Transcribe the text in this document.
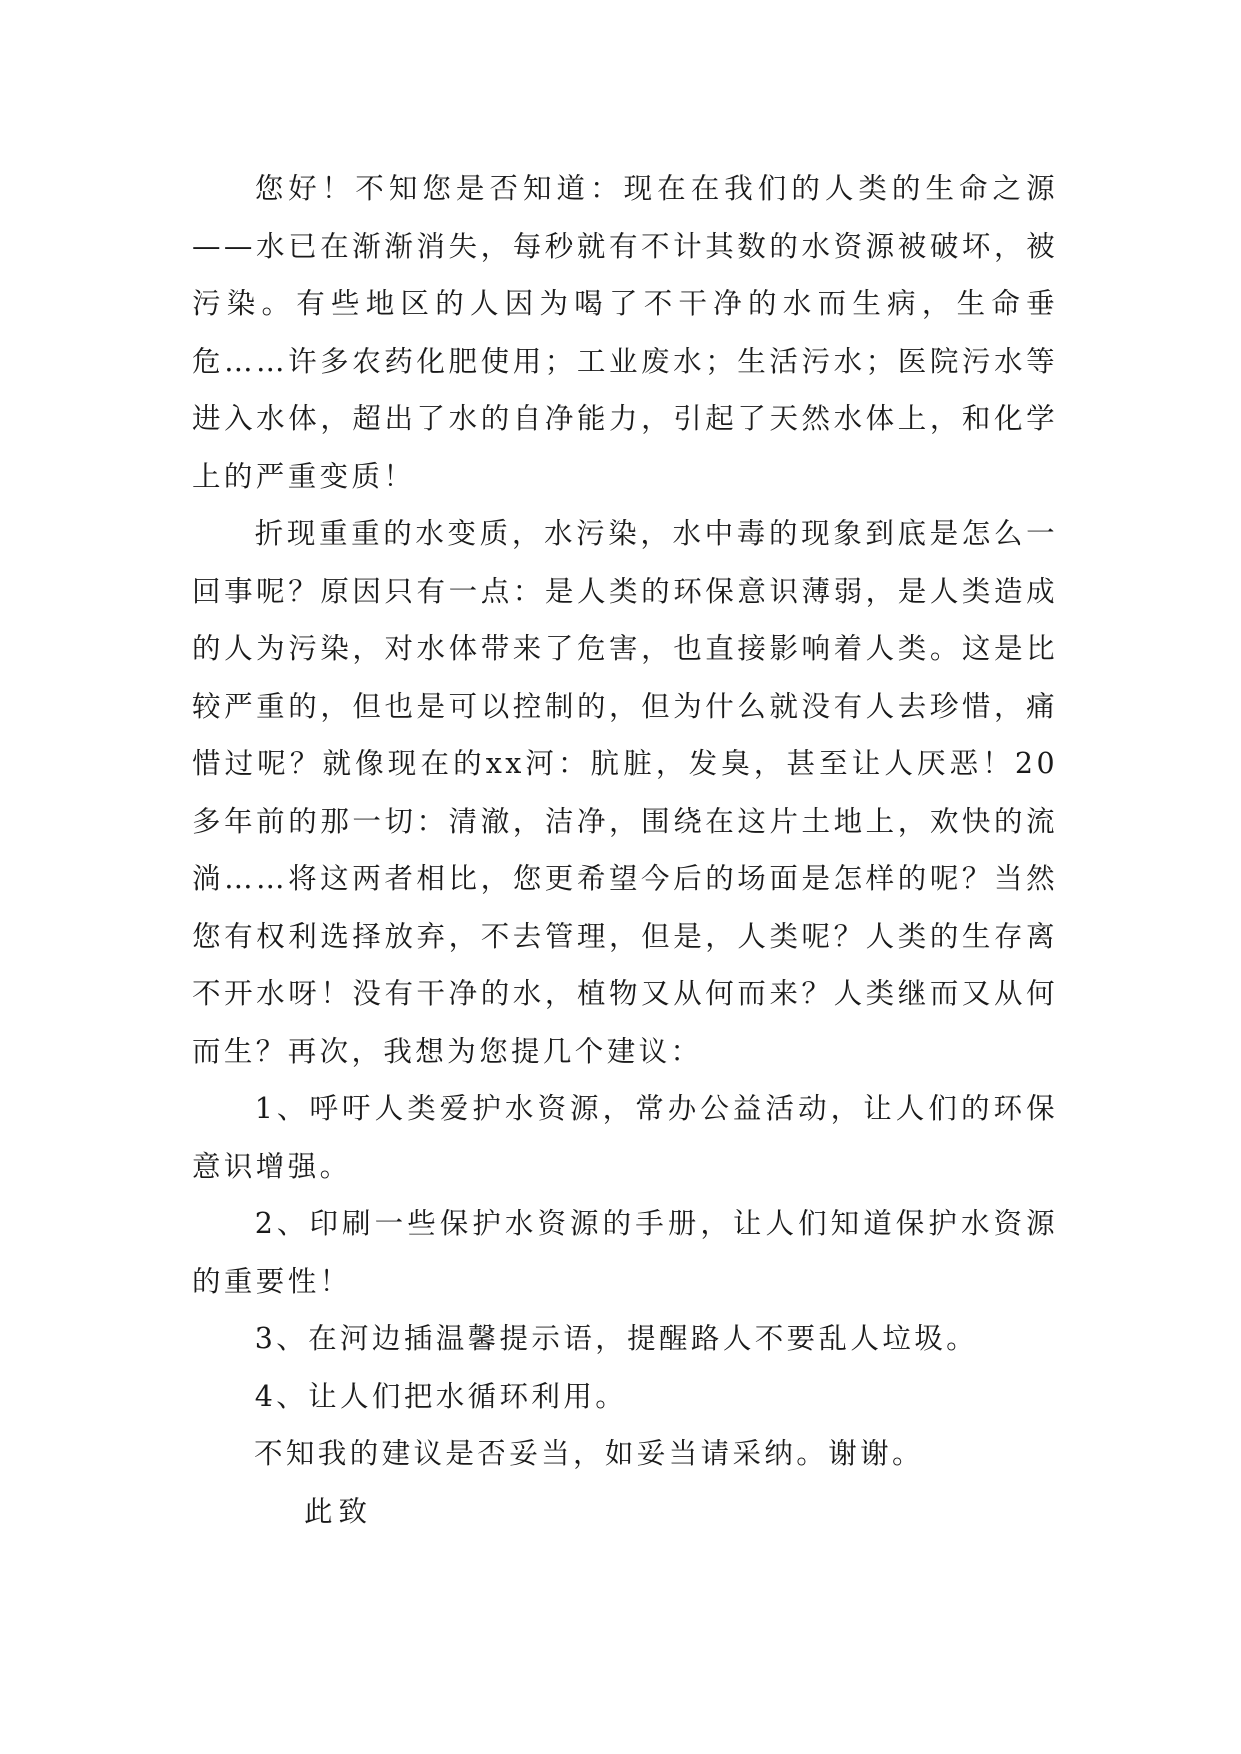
您好！不知您是否知道：现在在我们的人类的生命之源——水已在渐渐消失，每秒就有不计其数的水资源被破坏，被污染。有些地区的人因为喝了不干净的水而生病，生命垂危……许多农药化肥使用；工业废水；生活污水；医院污水等进入水体，超出了水的自净能力，引起了天然水体上，和化学上的严重变质！

折现重重的水变质，水污染，水中毒的现象到底是怎么一回事呢？原因只有一点：是人类的环保意识薄弱，是人类造成的人为污染，对水体带来了危害，也直接影响着人类。这是比较严重的，但也是可以控制的，但为什么就没有人去珍惜，痛惜过呢？就像现在的xx河：肮脏，发臭，甚至让人厌恶！20多年前的那一切：清澈，洁净，围绕在这片土地上，欢快的流淌……将这两者相比，您更希望今后的场面是怎样的呢？当然您有权利选择放弃，不去管理，但是，人类呢？人类的生存离不开水呀！没有干净的水，植物又从何而来？人类继而又从何而生？再次，我想为您提几个建议：

1、呼吁人类爱护水资源，常办公益活动，让人们的环保意识增强。

2、印刷一些保护水资源的手册，让人们知道保护水资源的重要性！

3、在河边插温馨提示语，提醒路人不要乱人垃圾。

4、让人们把水循环利用。

不知我的建议是否妥当，如妥当请采纳。谢谢。

此致
